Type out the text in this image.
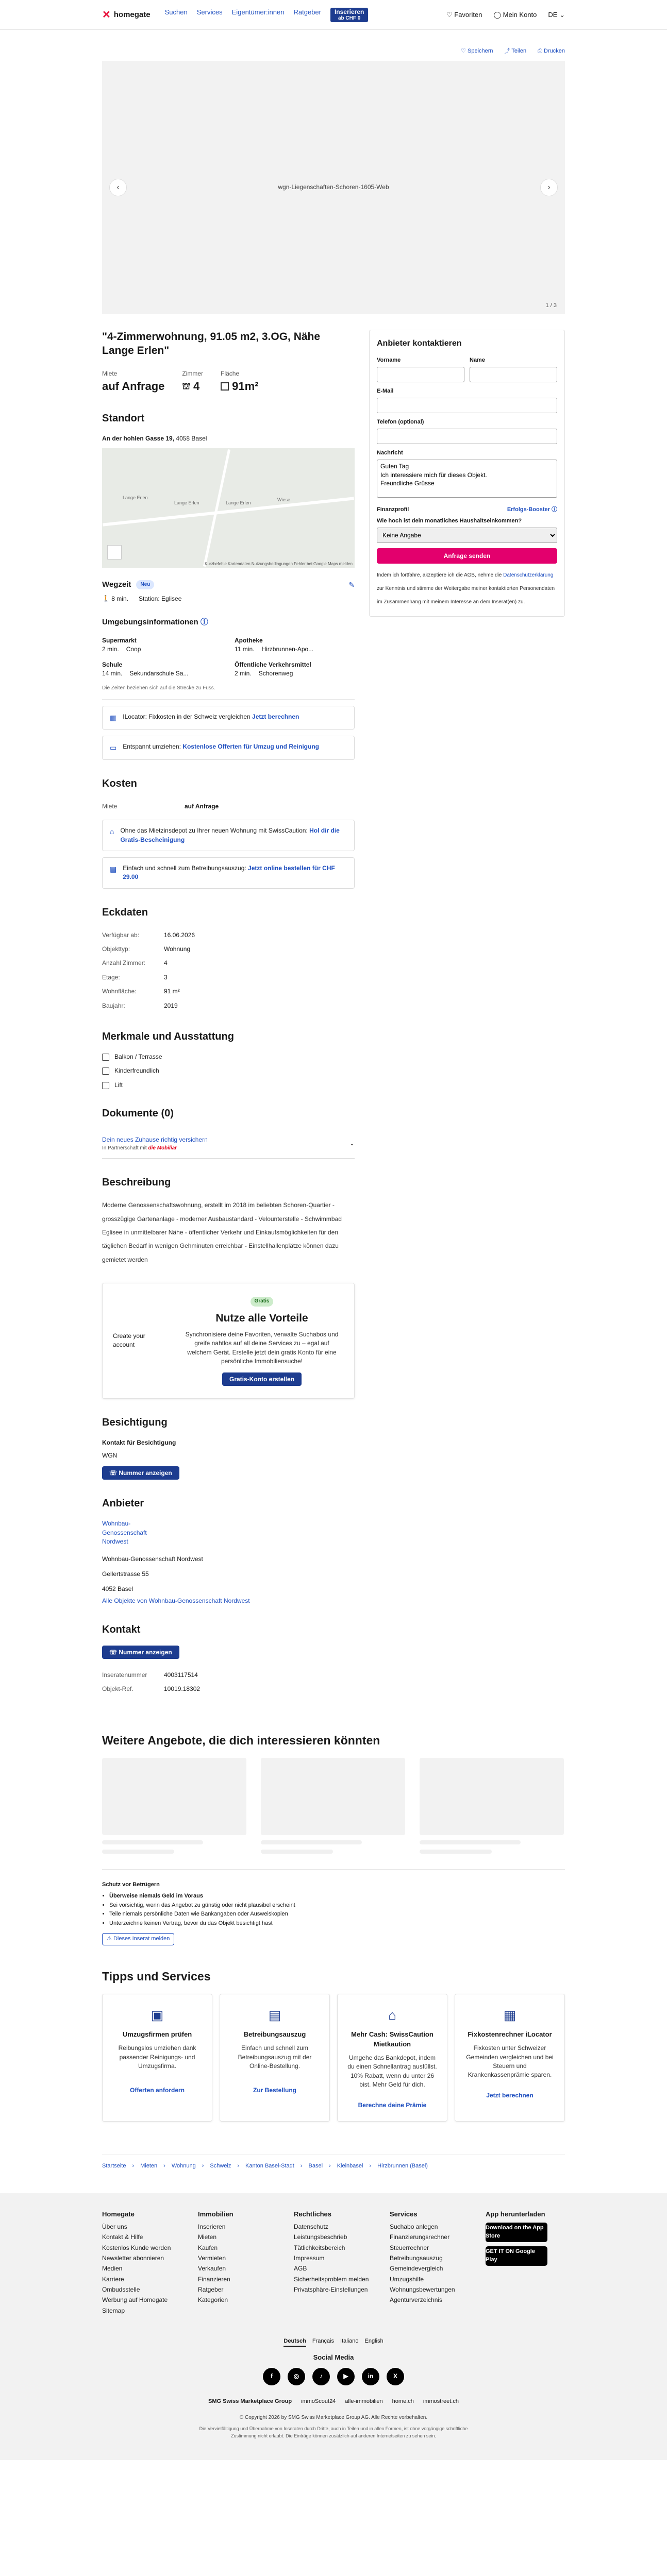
✕ homegate Suchen Services Eigentümer:innen Ratgeber	Inserieren
ab CHF 0
♡ Favoriten ◯ Mein Konto DE ⌄
♡ Speichern ⤴ Teilen ⎙ Drucken
wgn-Liegenschaften-Schoren-1605-Web
‹	›
1 / 3
"4-Zimmerwohnung, 91.05 m2, 3.OG, Nähe Lange Erlen"
Miete
auf Anfrage
Zimmer
⛫ 4
Fläche
91m²
Standort
An der hohlen Gasse 19, 4058 Basel
Lange Erlen
Lange Erlen	Lange Erlen
Wiese
Kurzbefehle Kartendaten Nutzungsbedingungen Fehler bei Google Maps melden
Wegzeit	Neu	✎
🚶 8 min. Station: Eglisee
Umgebungsinformationen ⓘ
Supermarkt
2 min. Coop
Apotheke
11 min. Hirzbrunnen-Apo...
Schule
14 min. Sekundarschule Sa...
Öffentliche Verkehrsmittel
2 min. Schorenweg
Die Zeiten beziehen sich auf die Strecke zu Fuss.
▦ ILocator: Fixkosten in der Schweiz vergleichen Jetzt berechnen
▭ Entspannt umziehen: Kostenlose Offerten für Umzug und Reinigung
Kosten
Miete	auf Anfrage
⌂ Ohne das Mietzinsdepot zu Ihrer neuen Wohnung mit SwissCaution: Hol dir die Gratis-Bescheinigung
▤ Einfach und schnell zum Betreibungsauszug: Jetzt online bestellen für CHF 29.00
Eckdaten
Verfügbar ab:	16.06.2026
Objekttyp:	Wohnung
Anzahl Zimmer:	4
Etage:	3
Wohnfläche:	91 m²
Baujahr:	2019
Merkmale und Ausstattung
Balkon / Terrasse
Kinderfreundlich
Lift
Dokumente (0)
Dein neues Zuhause richtig versichern
In Partnerschaft mit die Mobiliar
⌄
Beschreibung

Moderne Genossenschaftswohnung, erstellt im 2018 im beliebten Schoren-Quartier - grosszügige Gartenanlage - moderner Ausbaustandard - Velounterstelle - Schwimmbad Eglisee in unmittelbarer Nähe - öffentlicher Verkehr und Einkaufsmöglichkeiten für den täglichen Bedarf in wenigen Gehminuten erreichbar - Einstellhallenplätze können dazu gemietet werden

Create your account
Gratis
Nutze alle Vorteile

Synchronisiere deine Favoriten, verwalte Suchabos und greife nahtlos auf all deine Services zu – egal auf welchem Gerät. Erstelle jetzt dein gratis Konto für eine persönliche Immobiliensuche!

Gratis-Konto erstellen
Besichtigung
Kontakt für Besichtigung
WGN
☏ Nummer anzeigen
Anbieter
Wohnbau-
Genossenschaft
Nordwest
Wohnbau-Genossenschaft Nordwest
Gellertstrasse 55
4052 Basel
Alle Objekte von Wohnbau-Genossenschaft Nordwest
Kontakt
☏ Nummer anzeigen
Inseratenummer	4003117514
Objekt-Ref.	10019.18302
Anbieter kontaktieren
Vorname	Name
E-Mail
Telefon (optional)
Nachricht
Guten Tag Ich interessiere mich für dieses Objekt. Freundliche Grüsse
Finanzprofil	Erfolgs-Booster ⓘ
Wie hoch ist dein monatliches Haushaltseinkommen?
Keine Angabe
Anfrage senden

Indem ich fortfahre, akzeptiere ich die AGB, nehme die Datenschutzerklärung zur Kenntnis und stimme der Weitergabe meiner kontaktierten Personendaten im Zusammenhang mit meinem Interesse an dem Inserat(en) zu.

Weitere Angebote, die dich interessieren könnten
Schutz vor Betrügern
• Überweise niemals Geld im Voraus
• Sei vorsichtig, wenn das Angebot zu günstig oder nicht plausibel erscheint
• Teile niemals persönliche Daten wie Bankangaben oder Ausweiskopien
• Unterzeichne keinen Vertrag, bevor du das Objekt besichtigt hast
⚠ Dieses Inserat melden
Tipps und Services
▣
Umzugsfirmen prüfen

Reibungslos umziehen dank passender Reinigungs- und Umzugsfirma.

Offerten anfordern
▤
Betreibungsauszug

Einfach und schnell zum Betreibungsauszug mit der Online-Bestellung.

Zur Bestellung
⌂
Mehr Cash: SwissCaution Mietkaution

Umgehe das Bankdepot, indem du einen Schnellantrag ausfüllst. 10% Rabatt, wenn du unter 26 bist. Mehr Geld für dich.

Berechne deine Prämie
▦
Fixkostenrechner iLocator

Fixkosten unter Schweizer Gemeinden vergleichen und bei Steuern und Krankenkassenprämie sparen.

Jetzt berechnen
Startseite › Mieten › Wohnung › Schweiz › Kanton Basel-Stadt › Basel › Kleinbasel › Hirzbrunnen (Basel)
Homegate
Über uns
Kontakt & Hilfe
Kostenlos Kunde werden
Newsletter abonnieren
Medien
Karriere
Ombudsstelle
Werbung auf Homegate
Sitemap
Immobilien
Inserieren
Mieten
Kaufen
Vermieten
Verkaufen
Finanzieren
Ratgeber
Kategorien
Rechtliches
Datenschutz
Leistungsbeschrieb
Tätlichkeitsbereich
Impressum
AGB
Sicherheitsproblem melden
Privatsphäre-Einstellungen
Services
Suchabo anlegen
Finanzierungsrechner
Steuerrechner
Betreibungsauszug
Gemeindevergleich
Umzugshilfe
Wohnungsbewertungen
Agenturverzeichnis
App herunterladen
Download on the App Store
GET IT ON Google Play
Deutsch Français Italiano English
Social Media
f	◎	♪	▶	in	X
SMG Swiss Marketplace Group immoScout24 alle-immobilien home.ch immostreet.ch
© Copyright 2026 by SMG Swiss Marketplace Group AG. Alle Rechte vorbehalten.
Die Vervielfältigung und Übernahme von Inseraten durch Dritte, auch in Teilen und in allen Formen, ist ohne vorgängige schriftliche Zustimmung nicht erlaubt. Die Einträge können zusätzlich auf anderen Internetseiten zu sehen sein.
